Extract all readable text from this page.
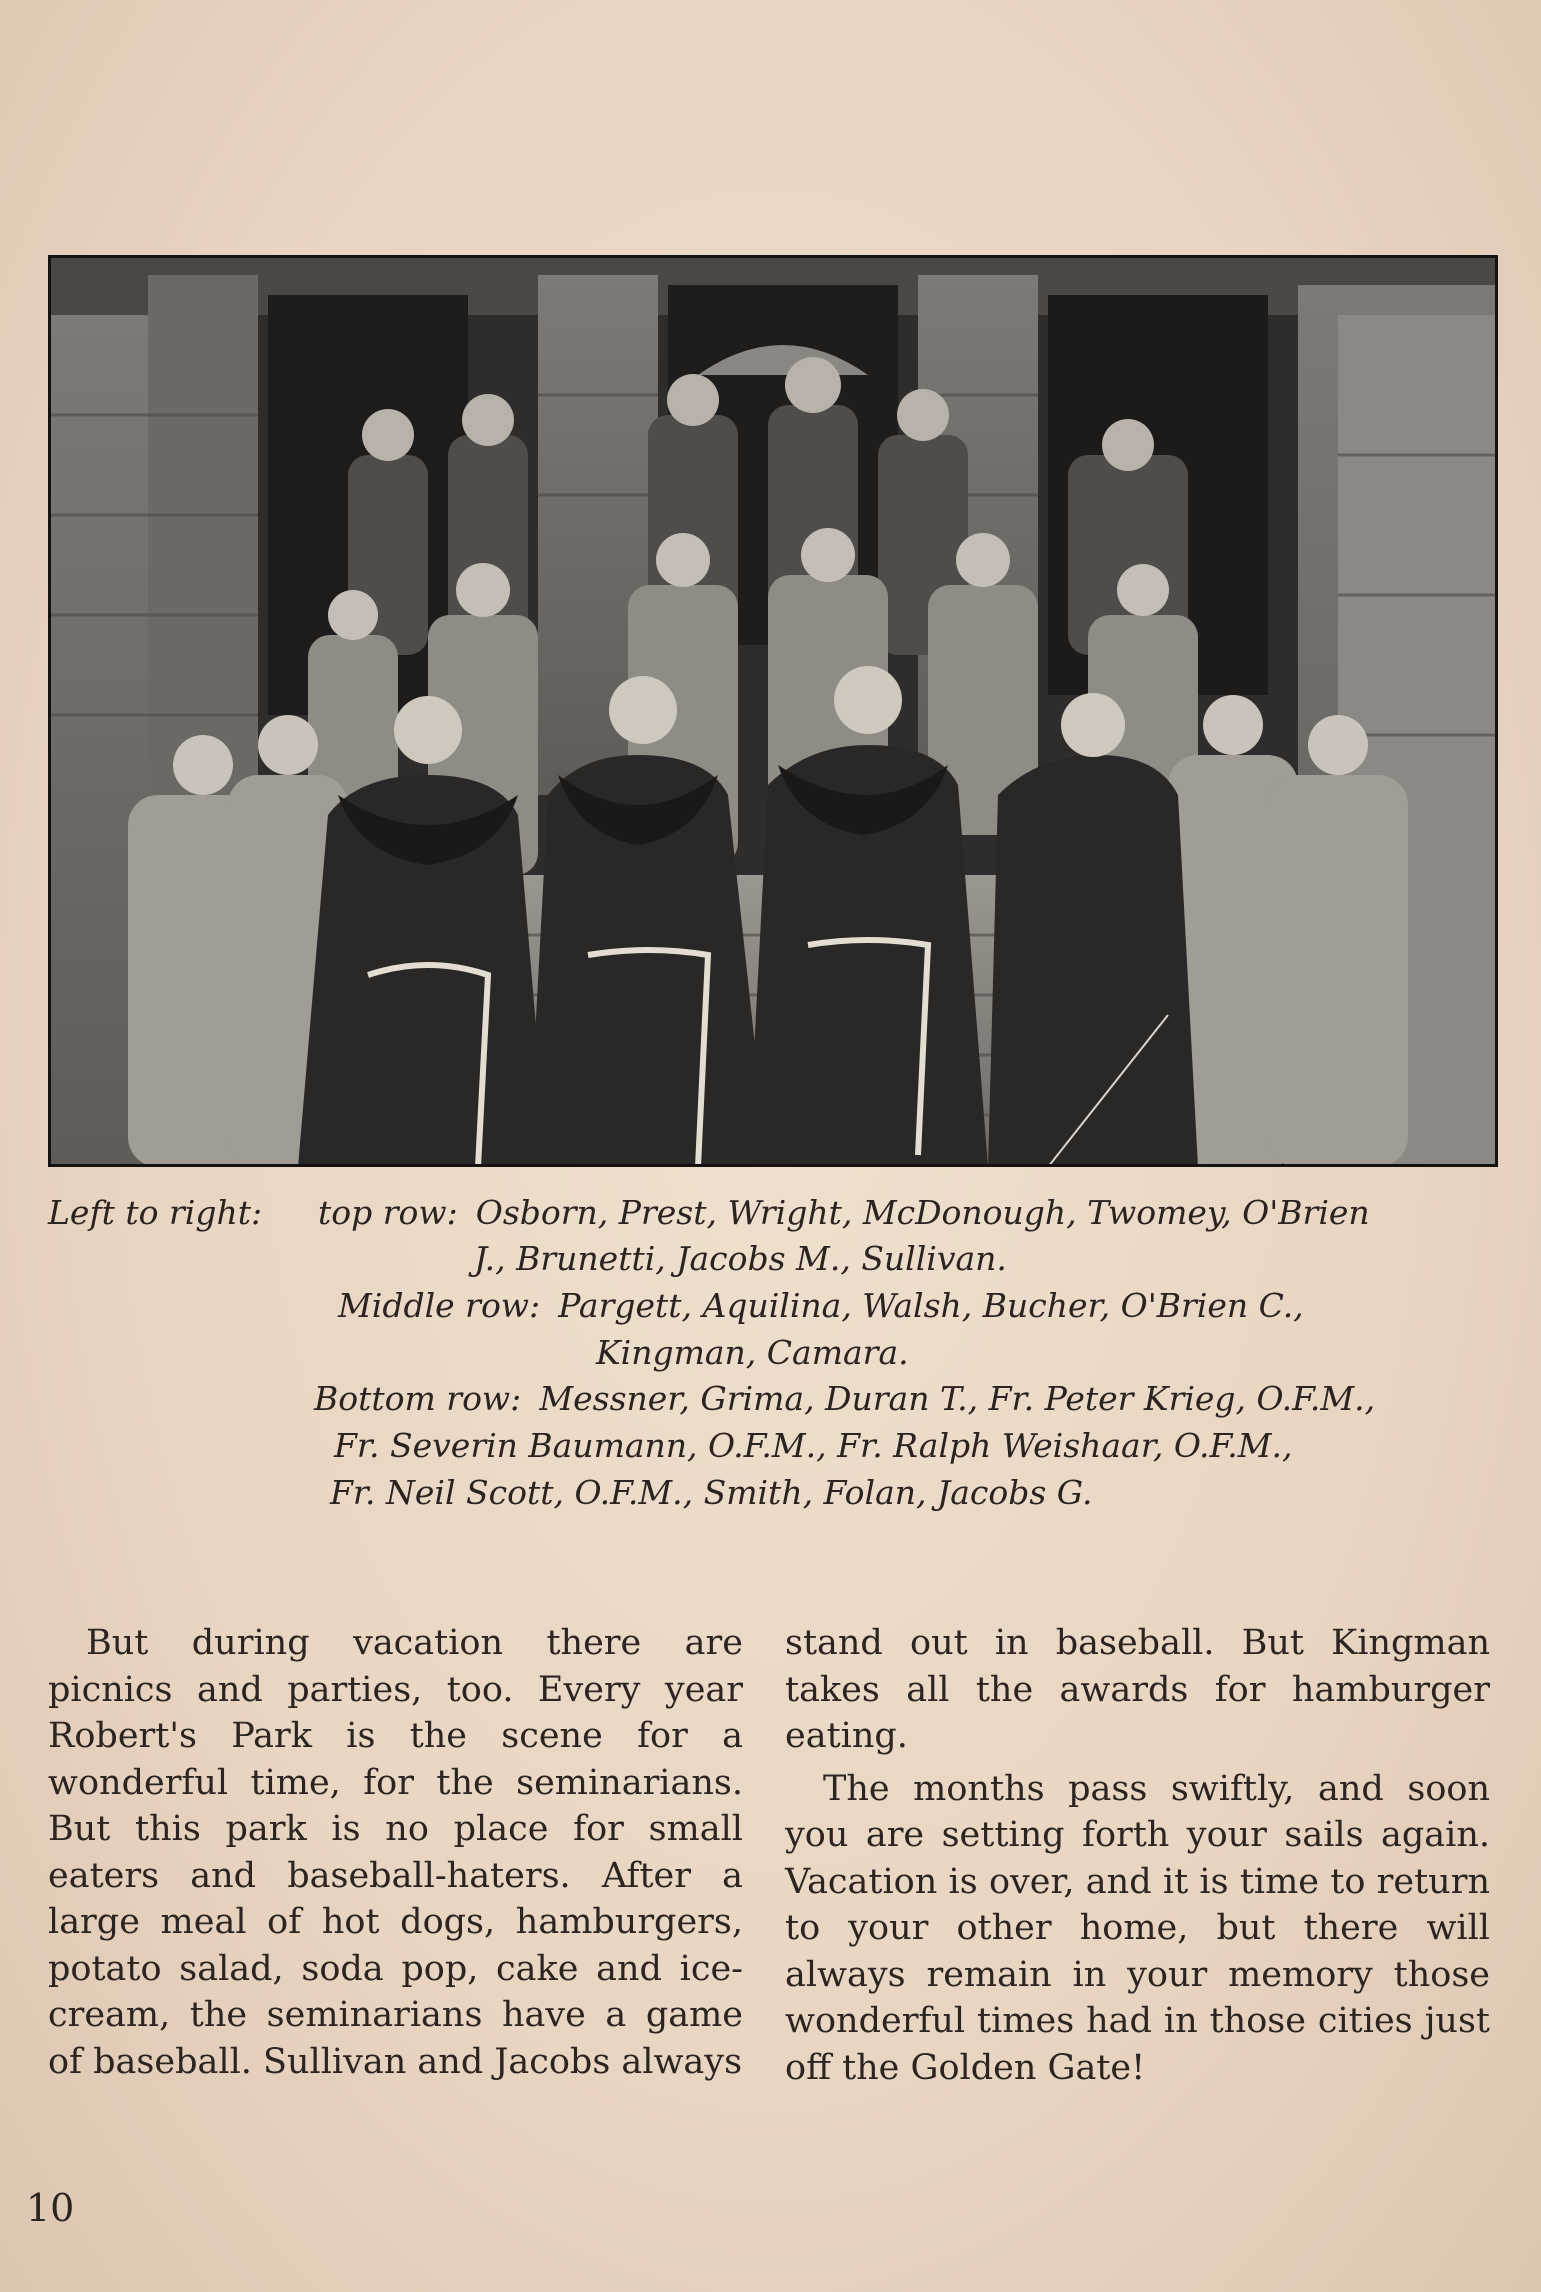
Left to right: top row: Osborn, Prest, Wright, McDonough, Twomey, O'Brien
J., Brunetti, Jacobs M., Sullivan.
Middle row: Pargett, Aquilina, Walsh, Bucher, O'Brien C.,
Kingman, Camara.
Bottom row: Messner, Grima, Duran T., Fr. Peter Krieg, O.F.M.,
Fr. Severin Baumann, O.F.M., Fr. Ralph Weishaar, O.F.M.,
Fr. Neil Scott, O.F.M., Smith, Folan, Jacobs G.

But during vacation there are picnics and parties, too. Every year Robert's Park is the scene for a wonderful time, for the seminarians. But this park is no place for small eaters and baseball-haters. After a large meal of hot dogs, hamburgers, potato salad, soda pop, cake and ice-cream, the seminarians have a game of baseball. Sullivan and Jacobs always

stand out in baseball. But Kingman takes all the awards for hamburger eating.

The months pass swiftly, and soon you are setting forth your sails again. Vacation is over, and it is time to return to your other home, but there will always remain in your memory those wonderful times had in those cities just off the Golden Gate!

10
